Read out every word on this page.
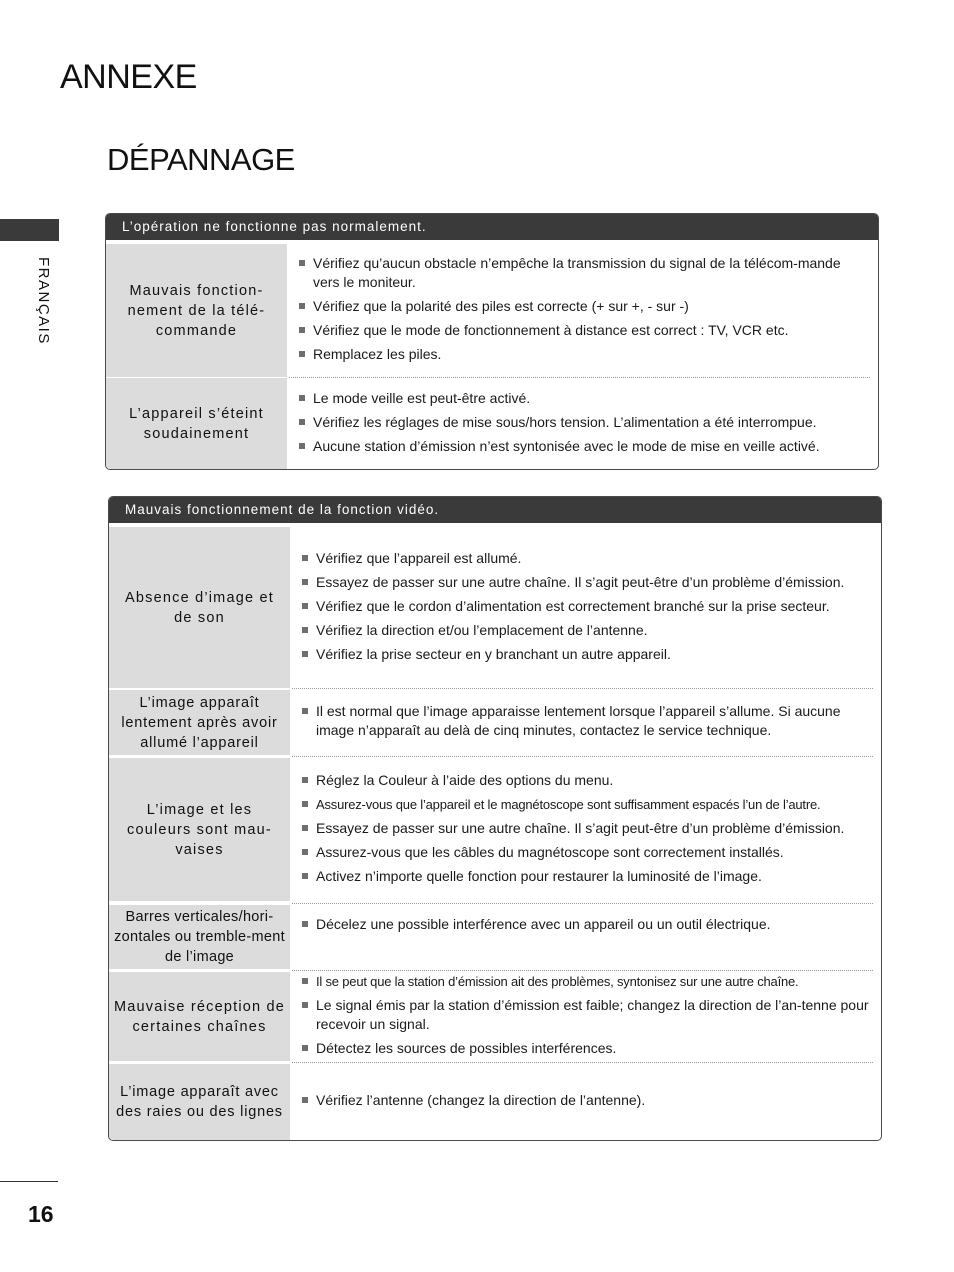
ANNEXE
DÉPANNAGE
FRANÇAIS
L’opération ne fonctionne pas normalement.
Mauvais fonction-nement de la télé-commande
Vérifiez qu’aucun obstacle n’empêche la transmission du signal de la télécom-mande vers le moniteur.
Vérifiez que la polarité des piles est correcte (+ sur +, - sur -)
Vérifiez que le mode de fonctionnement à distance est correct : TV, VCR etc.
Remplacez les piles.
L’appareil s’éteint soudainement
Le mode veille est peut-être activé.
Vérifiez les réglages de mise sous/hors tension. L’alimentation a été interrompue.
Aucune station d’émission n’est syntonisée avec le mode de mise en veille activé.
Mauvais fonctionnement de la fonction vidéo.
Absence d’image et de son
Vérifiez que l’appareil est allumé.
Essayez de passer sur une autre chaîne. Il s’agit peut-être d’un problème d’émission.
Vérifiez que le cordon d’alimentation est correctement branché sur la prise secteur.
Vérifiez la direction et/ou l’emplacement de l’antenne.
Vérifiez la prise secteur en y branchant un autre appareil.
L’image apparaît lentement après avoir allumé l’appareil
Il est normal que l’image apparaisse lentement lorsque l’appareil s’allume. Si aucune image n’apparaît au delà de cinq minutes, contactez le service technique.
L’image et les couleurs sont mau-vaises
Réglez la Couleur à l’aide des options du menu.
Assurez-vous que l’appareil et le magnétoscope sont suffisamment espacés l’un de l’autre.
Essayez de passer sur une autre chaîne. Il s’agit peut-être d’un problème d’émission.
Assurez-vous que les câbles du magnétoscope sont correctement installés.
Activez n’importe quelle fonction pour restaurer la luminosité de l’image.
Barres verticales/hori-zontales ou tremble-ment de l’image
Décelez une possible interférence avec un appareil ou un outil électrique.
Mauvaise réception de certaines chaînes
Il se peut que la station d’émission ait des problèmes, syntonisez sur une autre chaîne.
Le signal émis par la station d’émission est faible; changez la direction de l’an-tenne pour recevoir un signal.
Détectez les sources de possibles interférences.
L’image apparaît avec des raies ou des lignes
Vérifiez l’antenne (changez la direction de l’antenne).
16
